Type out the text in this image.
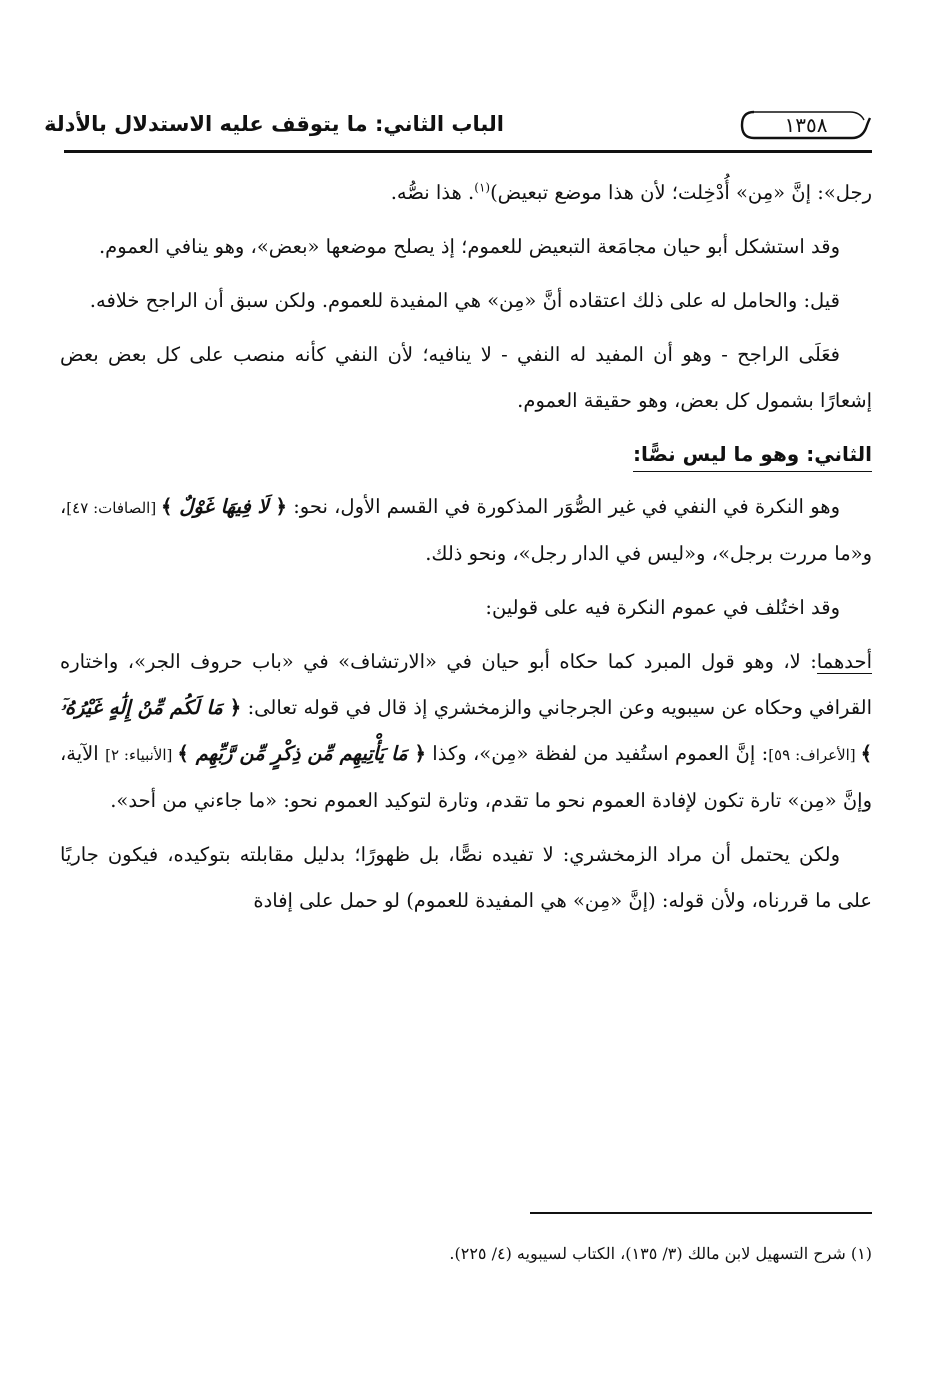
الباب الثاني: ما يتوقف عليه الاستدلال بالأدلة	١٣٥٨

رجل»: إنَّ «مِن» أُدْخِلت؛ لأن هذا موضع تبعيض)$^{(١)}$. هذا نصُّه.

وقد استشكل أبو حيان مجامَعة التبعيض للعموم؛ إذ يصلح موضعها «بعض»، وهو ينافي العموم.

قيل: والحامل له على ذلك اعتقاده أنَّ «مِن» هي المفيدة للعموم. ولكن سبق أن الراجح خلافه.

فعَلَى الراجح - وهو أن المفيد له النفي - لا ينافيه؛ لأن النفي كأنه منصب على كل بعض بعض إشعارًا بشمول كل بعض، وهو حقيقة العموم.

الثاني: وهو ما ليس نصًّا:

وهو النكرة في النفي في غير الصُّوَر المذكورة في القسم الأول، نحو: ﴿ لَا فِيهَا غَوْلٌ ﴾ [الصافات: ٤٧]، و«ما مررت برجل»، و«ليس في الدار رجل»، ونحو ذلك.

وقد اختُلف في عموم النكرة فيه على قولين:

أحدهما: لا، وهو قول المبرد كما حكاه أبو حيان في «الارتشاف» في «باب حروف الجر»، واختاره القرافي وحكاه عن سيبويه وعن الجرجاني والزمخشري إذ قال في قوله تعالى: ﴿ مَا لَكُم مِّنْ إِلَٰهٍ غَيْرُهُۥٓ ﴾ [الأعراف: ٥٩]: إنَّ العموم استُفيد من لفظة «مِن»، وكذا ﴿ مَا يَأْتِيهِم مِّن ذِكْرٍ مِّن رَّبِّهِم ﴾ [الأنبياء: ٢] الآية، وإنَّ «مِن» تارة تكون لإفادة العموم نحو ما تقدم، وتارة لتوكيد العموم نحو: «ما جاءني من أحد».

ولكن يحتمل أن مراد الزمخشري: لا تفيده نصًّا، بل ظهورًا؛ بدليل مقابلته بتوكيده، فيكون جاريًا على ما قررناه، ولأن قوله: (إنَّ «مِن» هي المفيدة للعموم) لو حمل على إفادة

(١) شرح التسهيل لابن مالك (٣/ ١٣٥)، الكتاب لسيبويه (٤/ ٢٢٥).
